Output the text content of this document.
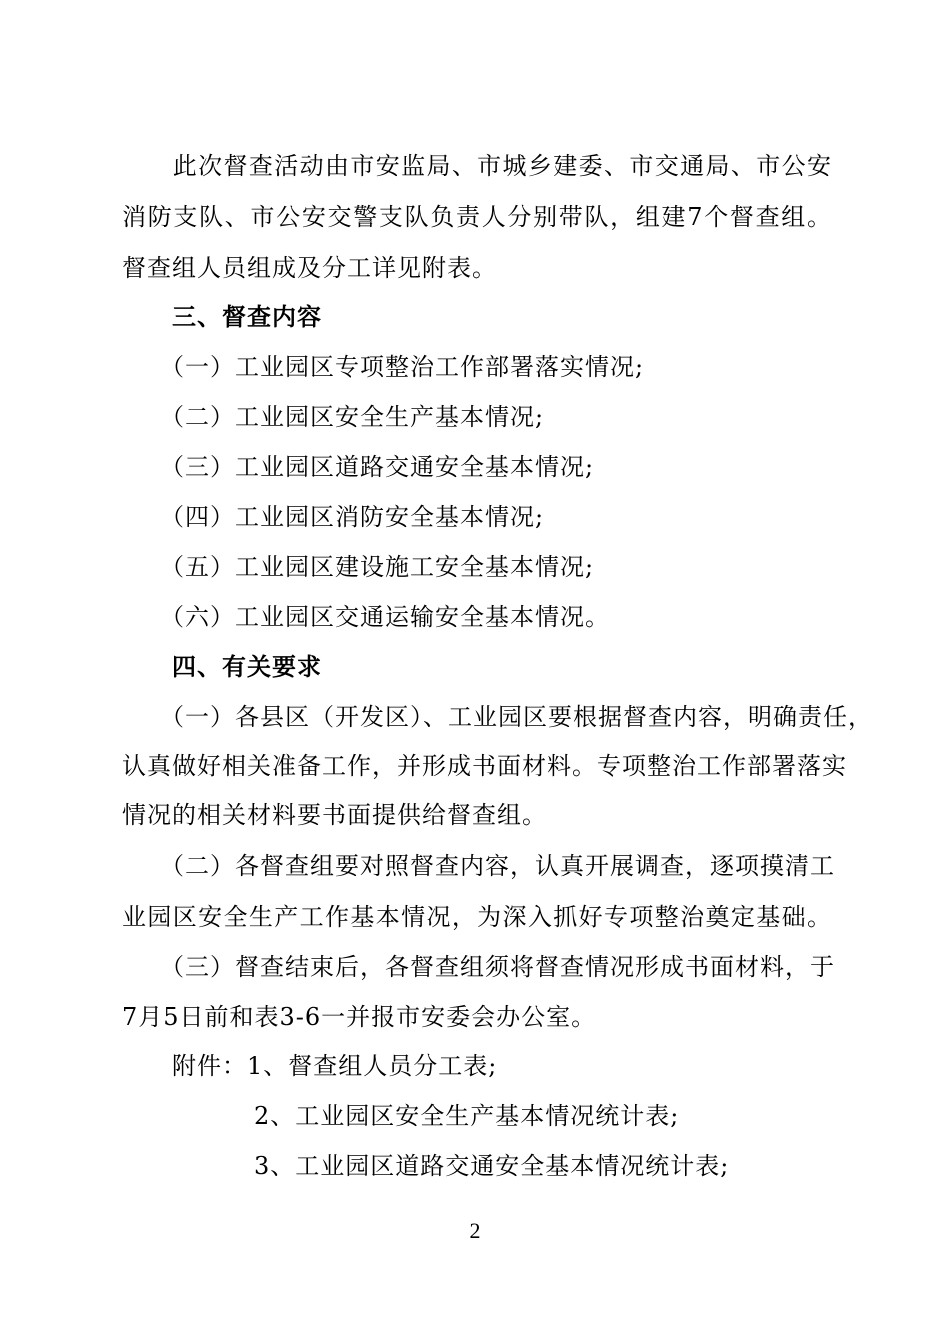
　　此次督查活动由市安监局、市城乡建委、市交通局、市公安
消防支队、市公安交警支队负责人分别带队，组建7个督查组。
督查组人员组成及分工详见附表。
　　三、督查内容
　　（一）工业园区专项整治工作部署落实情况;
　　（二）工业园区安全生产基本情况;
　　（三）工业园区道路交通安全基本情况;
　　（四）工业园区消防安全基本情况;
　　（五）工业园区建设施工安全基本情况;
　　（六）工业园区交通运输安全基本情况。
　　四、有关要求
　　（一）各县区（开发区）、工业园区要根据督查内容，明确责任，
认真做好相关准备工作，并形成书面材料。专项整治工作部署落实
情况的相关材料要书面提供给督查组。
　　（二）各督查组要对照督查内容，认真开展调查，逐项摸清工
业园区安全生产工作基本情况，为深入抓好专项整治奠定基础。
　　（三）督查结束后，各督查组须将督查情况形成书面材料，于
7月5日前和表3-6一并报市安委会办公室。
　　附件：1、督查组人员分工表;
2、工业园区安全生产基本情况统计表;
3、工业园区道路交通安全基本情况统计表;
2
